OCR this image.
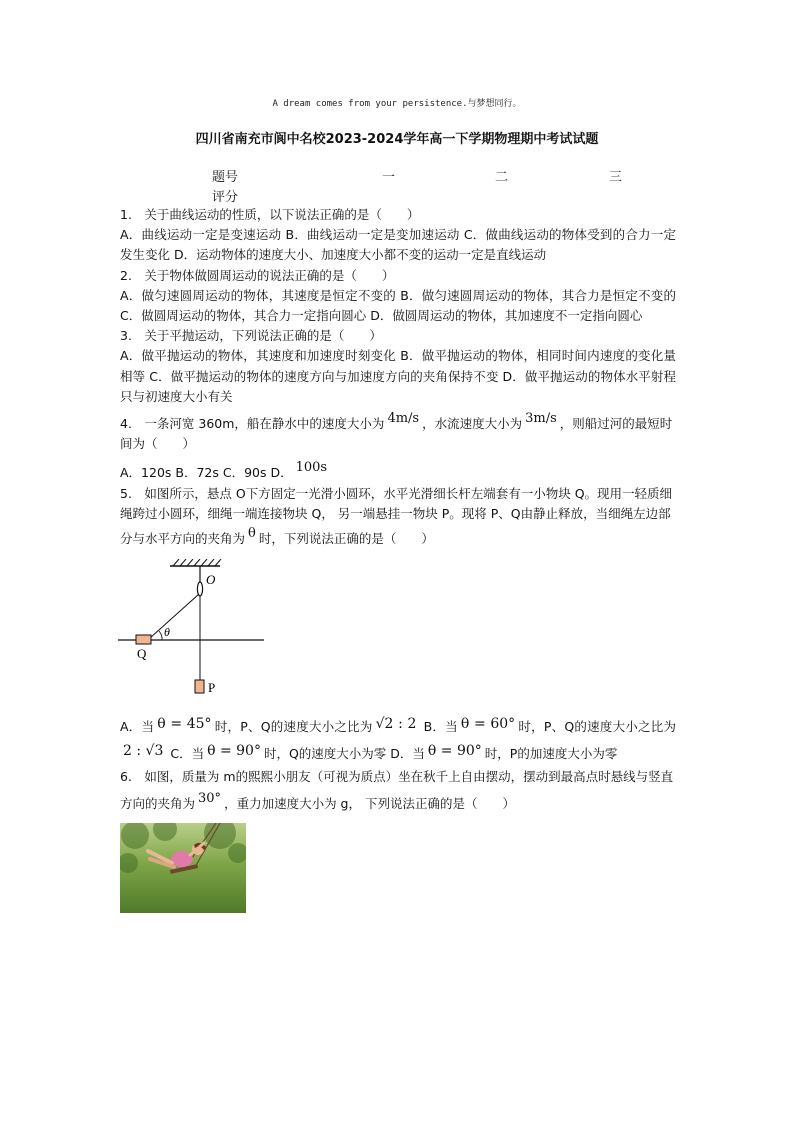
A dream comes from your persistence.与梦想同行。
四川省南充市阆中名校2023-2024学年高一下学期物理期中考试试题
题号	一	二	三
评分

1.　关于曲线运动的性质，以下说法正确的是（　　）

A．曲线运动一定是变速运动 B．曲线运动一定是变加速运动 C．做曲线运动的物体受到的合力一定发生变化 D．运动物体的速度大小、加速度大小都不变的运动一定是直线运动

2.　关于物体做圆周运动的说法正确的是（　　）

A．做匀速圆周运动的物体，其速度是恒定不变的 B．做匀速圆周运动的物体，其合力是恒定不变的 C．做圆周运动的物体，其合力一定指向圆心 D．做圆周运动的物体，其加速度不一定指向圆心

3.　关于平抛运动，下列说法正确的是（　　）

A．做平抛运动的物体，其速度和加速度时刻变化 B．做平抛运动的物体，相同时间内速度的变化量相等 C．做平抛运动的物体的速度方向与加速度方向的夹角保持不变 D．做平抛运动的物体水平射程只与初速度大小有关

4.　一条河宽 360m，船在静水中的速度大小为 4m/s ，水流速度大小为 3m/s ，则船过河的最短时间为（　　）

A．120s B．72s C．90s D． 100s

5.　如图所示，悬点 O下方固定一光滑小圆环，水平光滑细长杆左端套有一小物块 Q。现用一轻质细绳跨过小圆环，细绳一端连接物块 Q， 另一端悬挂一物块 P。现将 P、Q由静止释放，当细绳左边部分与水平方向的夹角为 θ 时，下列说法正确的是（　　）

O
θ
Q
P

A．当 θ = 45° 时，P、Q的速度大小之比为 √2 : 2 B．当 θ = 60° 时，P、Q的速度大小之比为2 : √3 C．当 θ = 90° 时，Q的速度大小为零 D．当 θ = 90° 时，P的加速度大小为零

6.　如图，质量为 m的熙熙小朋友（可视为质点）坐在秋千上自由摆动，摆动到最高点时悬线与竖直方向的夹角为 30° ，重力加速度大小为 g， 下列说法正确的是（　　）
